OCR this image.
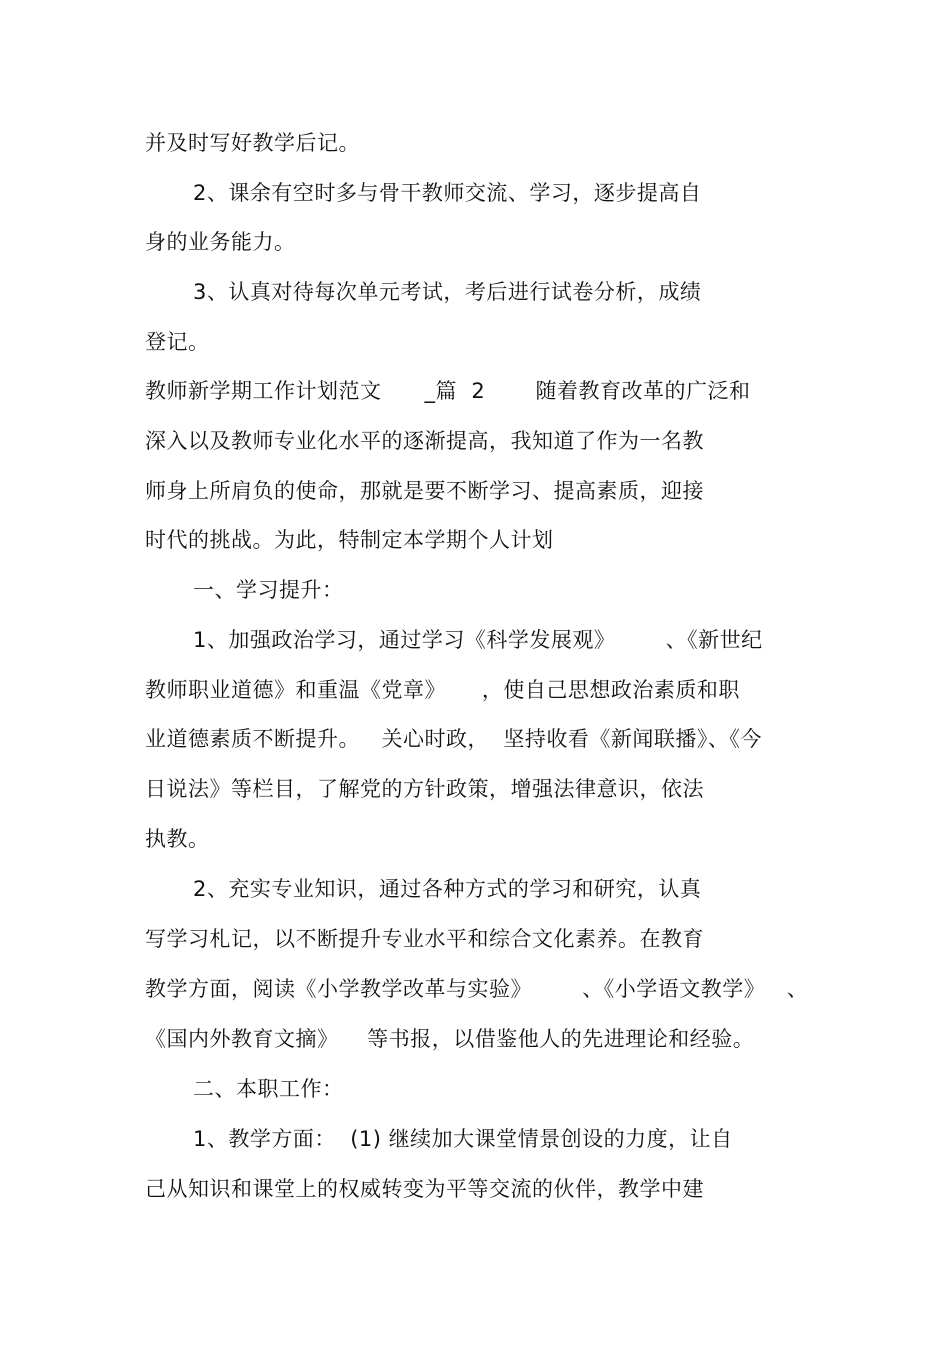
并及时写好教学后记。
2、课余有空时多与骨干教师交流、学习，逐步提高自
身的业务能力。
3、认真对待每次单元考试，考后进行试卷分析，成绩
登记。
教师新学期工作计划范文      _篇  2       随着教育改革的广泛和
深入以及教师专业化水平的逐渐提高，我知道了作为一名教
师身上所肩负的使命，那就是要不断学习、提高素质，迎接
时代的挑战。为此，特制定本学期个人计划
一、学习提升：
1、加强政治学习，通过学习《科学发展观》       、《新世纪
教师职业道德》和重温《党章》     ，使自己思想政治素质和职
业道德素质不断提升。   关心时政，  坚持收看《新闻联播》、《今
日说法》等栏目，了解党的方针政策，增强法律意识，依法
执教。
2、充实专业知识，通过各种方式的学习和研究，认真
写学习札记，以不断提升专业水平和综合文化素养。在教育
教学方面，阅读《小学教学改革与实验》       、《小学语文教学》   、
《国内外教育文摘》    等书报，以借鉴他人的先进理论和经验。
二、本职工作：
1、教学方面：  (1) 继续加大课堂情景创设的力度，让自
己从知识和课堂上的权威转变为平等交流的伙伴，教学中建
